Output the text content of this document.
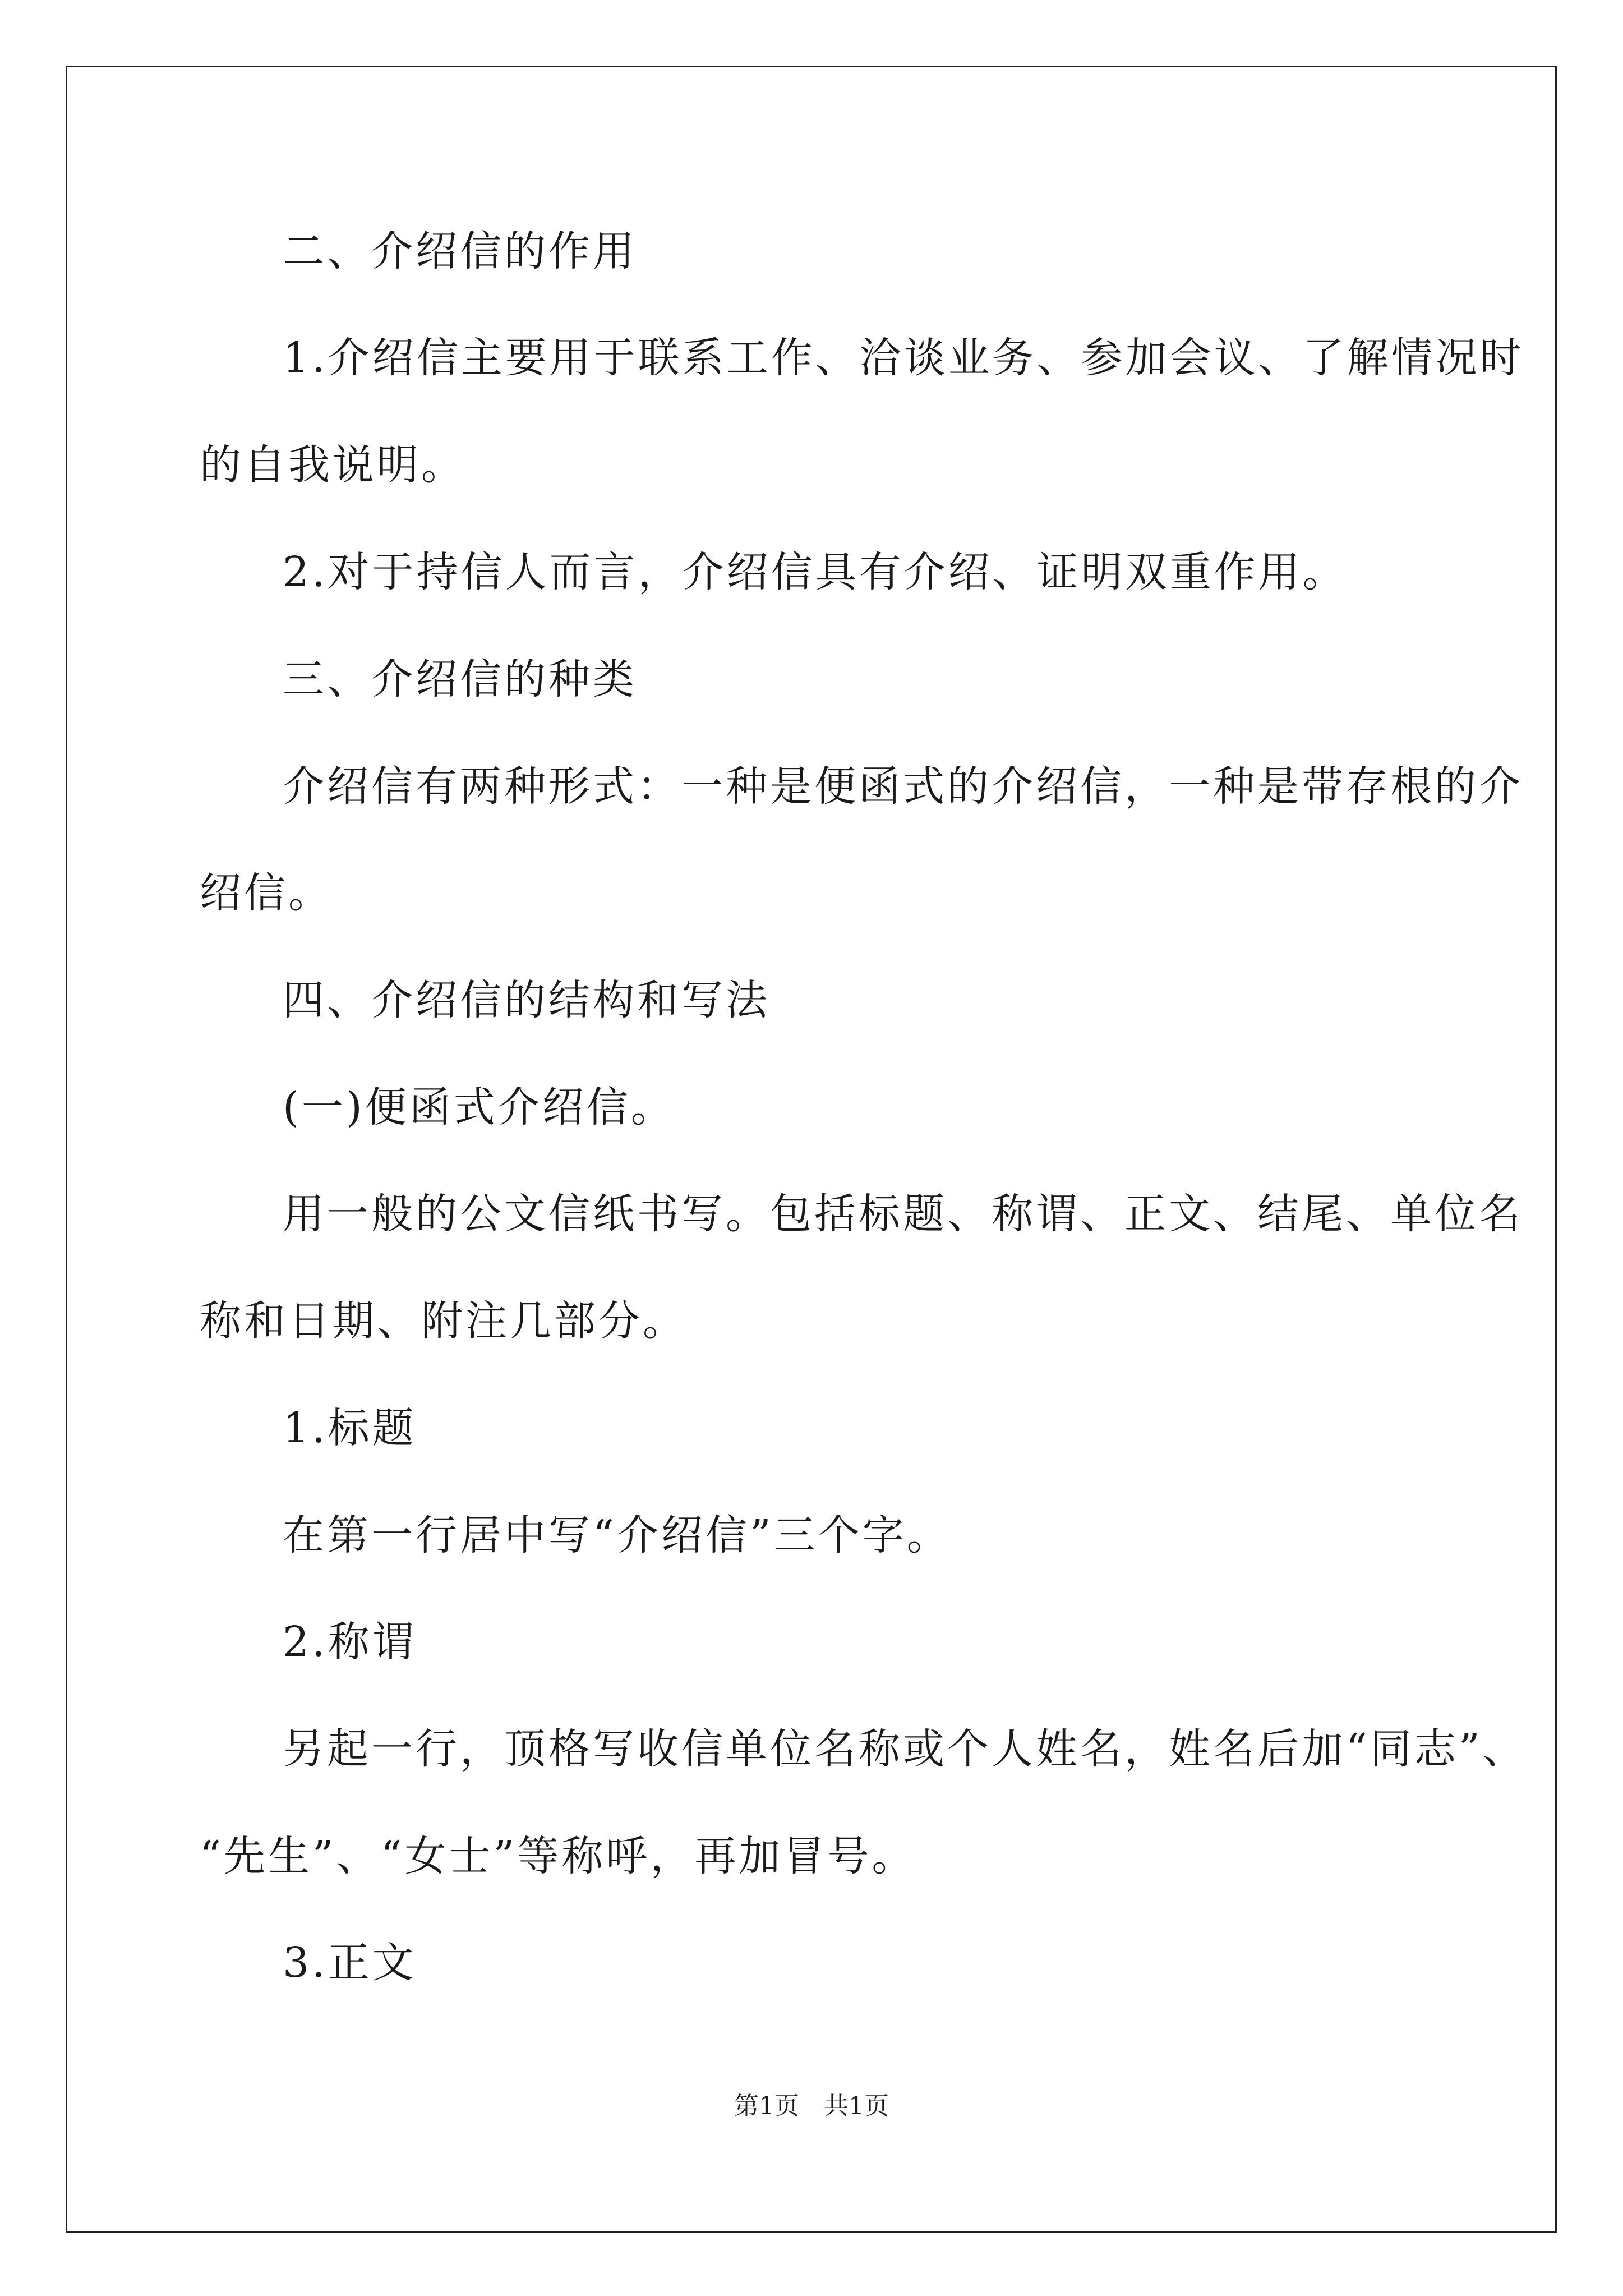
二、介绍信的作用
1.介绍信主要用于联系工作、洽谈业务、参加会议、了解情况时
的自我说明。
2.对于持信人而言，介绍信具有介绍、证明双重作用。
三、介绍信的种类
介绍信有两种形式：一种是便函式的介绍信，一种是带存根的介
绍信。
四、介绍信的结构和写法
(一)便函式介绍信。
用一般的公文信纸书写。包括标题、称谓、正文、结尾、单位名
称和日期、附注几部分。
1.标题
在第一行居中写“介绍信”三个字。
2.称谓
另起一行，顶格写收信单位名称或个人姓名，姓名后加“同志”、
“先生”、“女士”等称呼，再加冒号。
3.正文
第1页　共1页
